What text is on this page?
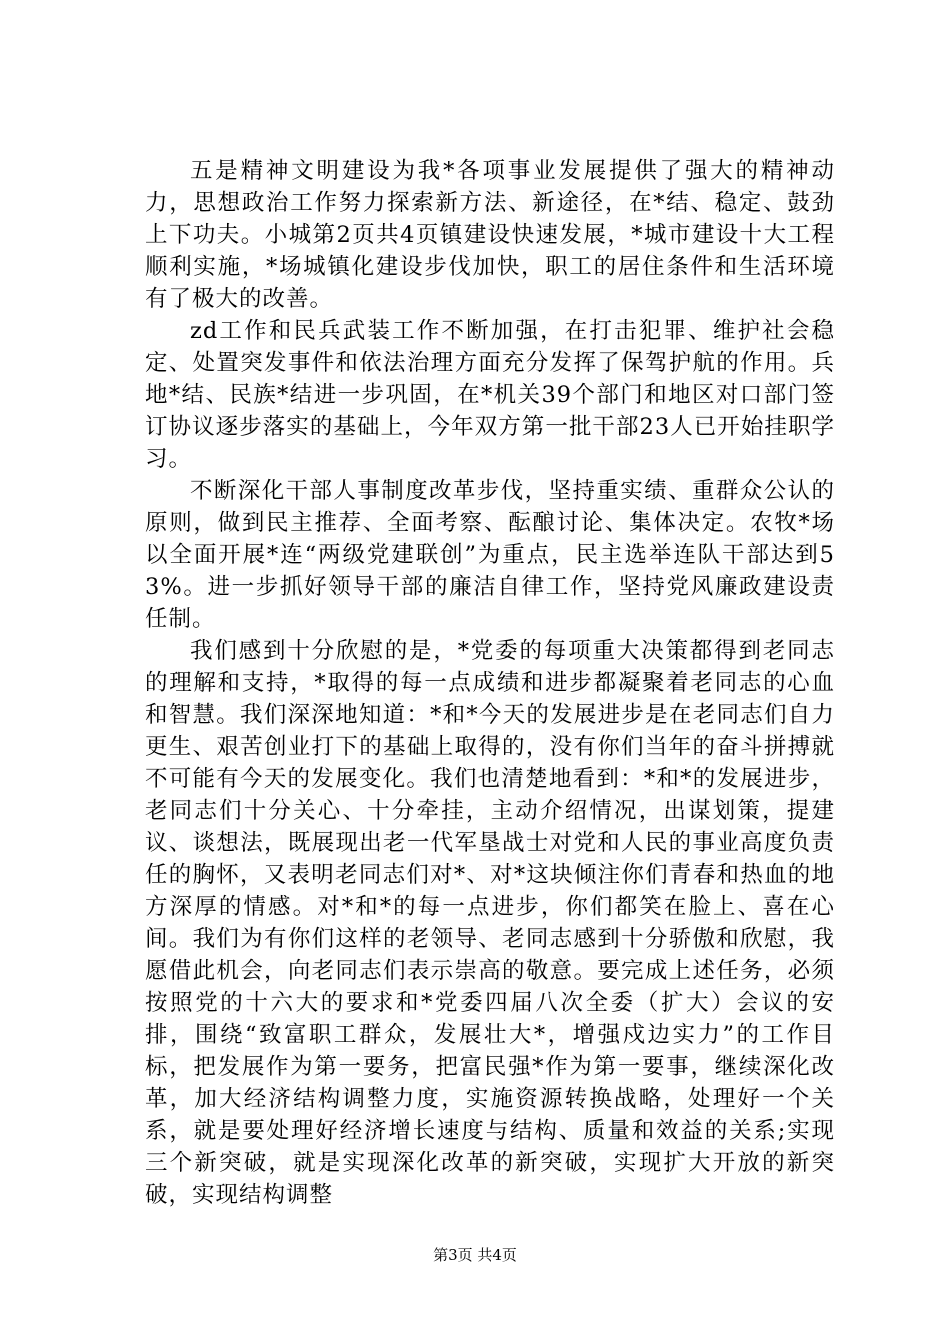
五是精神文明建设为我*各项事业发展提供了强大的精神动力，思想政治工作努力探索新方法、新途径，在*结、稳定、鼓劲上下功夫。小城第2页共4页镇建设快速发展，*城市建设十大工程顺利实施，*场城镇化建设步伐加快，职工的居住条件和生活环境有了极大的改善。

zd工作和民兵武装工作不断加强，在打击犯罪、维护社会稳定、处置突发事件和依法治理方面充分发挥了保驾护航的作用。兵地*结、民族*结进一步巩固，在*机关39个部门和地区对口部门签订协议逐步落实的基础上，今年双方第一批干部23人已开始挂职学习。

不断深化干部人事制度改革步伐，坚持重实绩、重群众公认的原则，做到民主推荐、全面考察、酝酿讨论、集体决定。农牧*场以全面开展*连“两级党建联创”为重点，民主选举连队干部达到53%。进一步抓好领导干部的廉洁自律工作，坚持党风廉政建设责任制。

我们感到十分欣慰的是，*党委的每项重大决策都得到老同志的理解和支持，*取得的每一点成绩和进步都凝聚着老同志的心血和智慧。我们深深地知道：*和*今天的发展进步是在老同志们自力更生、艰苦创业打下的基础上取得的，没有你们当年的奋斗拼搏就不可能有今天的发展变化。我们也清楚地看到：*和*的发展进步，老同志们十分关心、十分牵挂，主动介绍情况，出谋划策，提建议、谈想法，既展现出老一代军垦战士对党和人民的事业高度负责任的胸怀，又表明老同志们对*、对*这块倾注你们青春和热血的地方深厚的情感。对*和*的每一点进步，你们都笑在脸上、喜在心间。我们为有你们这样的老领导、老同志感到十分骄傲和欣慰，我愿借此机会，向老同志们表示崇高的敬意。要完成上述任务，必须按照党的十六大的要求和*党委四届八次全委（扩大）会议的安排，围绕“致富职工群众，发展壮大*，增强戍边实力”的工作目标，把发展作为第一要务，把富民强*作为第一要事，继续深化改革，加大经济结构调整力度，实施资源转换战略，处理好一个关系，就是要处理好经济增长速度与结构、质量和效益的关系;实现三个新突破，就是实现深化改革的新突破，实现扩大开放的新突破，实现结构调整

第3页 共4页
